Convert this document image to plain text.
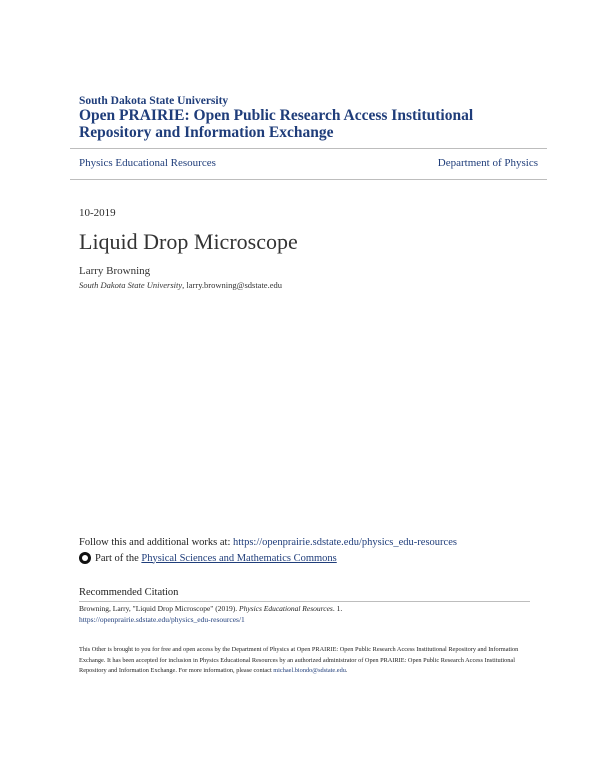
South Dakota State University
Open PRAIRIE: Open Public Research Access Institutional Repository and Information Exchange
Physics Educational Resources	Department of Physics
10-2019
Liquid Drop Microscope
Larry Browning
South Dakota State University, larry.browning@sdstate.edu
Follow this and additional works at: https://openprairie.sdstate.edu/physics_edu-resources
Part of the
Physical Sciences and Mathematics Commons
Recommended Citation
Browning, Larry, "Liquid Drop Microscope" (2019). Physics Educational Resources. 1.
https://openprairie.sdstate.edu/physics_edu-resources/1
This Other is brought to you for free and open access by the Department of Physics at Open PRAIRIE: Open Public Research Access Institutional Repository and Information Exchange. It has been accepted for inclusion in Physics Educational Resources by an authorized administrator of Open PRAIRIE: Open Public Research Access Institutional Repository and Information Exchange. For more information, please contact michael.biondo@sdstate.edu.
